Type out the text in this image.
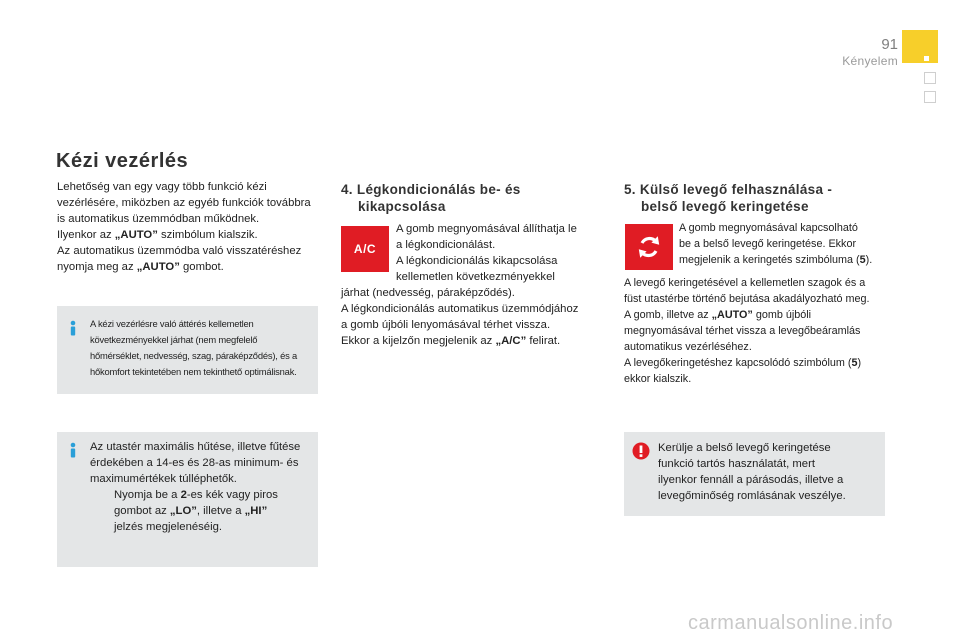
91
Kényelem
Kézi vezérlés

Lehetőség van egy vagy több funkció kézi

vezérlésére, miközben az egyéb funkciók továbbra

is automatikus üzemmódban működnek.

Ilyenkor az „AUTO” szimbólum kialszik.

Az automatikus üzemmódba való visszatéréshez

nyomja meg az „AUTO” gombot.

A kézi vezérlésre való áttérés kellemetlen
következményekkel járhat (nem megfelelő
hőmérséklet, nedvesség, szag, páraképződés), és a
hőkomfort tekintetében nem tekinthető optimálisnak.

Az utastér maximális hűtése, illetve fűtése

érdekében a 14-es és 28-as minimum- és

maximumértékek túlléphetők.

Nyomja be a 2-es kék vagy piros

gombot az „LO”, illetve a „HI”

jelzés megjelenéséig.

4. Légkondicionálás be- és
kikapcsolása
A/C

A gomb megnyomásával állíthatja le

a légkondicionálást.

A légkondicionálás kikapcsolása

kellemetlen következményekkel

járhat (nedvesség, páraképződés).

A légkondicionálás automatikus üzemmódjához

a gomb újbóli lenyomásával térhet vissza.

Ekkor a kijelzőn megjelenik az „A/C” felirat.

5. Külső levegő felhasználása -
belső levegő keringetése

A gomb megnyomásával kapcsolható

be a belső levegő keringetése. Ekkor

megjelenik a keringetés szimbóluma (5).

A levegő keringetésével a kellemetlen szagok és a

füst utastérbe történő bejutása akadályozható meg.

A gomb, illetve az „AUTO” gomb újbóli

megnyomásával térhet vissza a levegőbeáramlás

automatikus vezérléséhez.

A levegőkeringetéshez kapcsolódó szimbólum (5)

ekkor kialszik.

Kerülje a belső levegő keringetése

funkció tartós használatát, mert

ilyenkor fennáll a párásodás, illetve a

levegőminőség romlásának veszélye.

carmanualsonline.info
